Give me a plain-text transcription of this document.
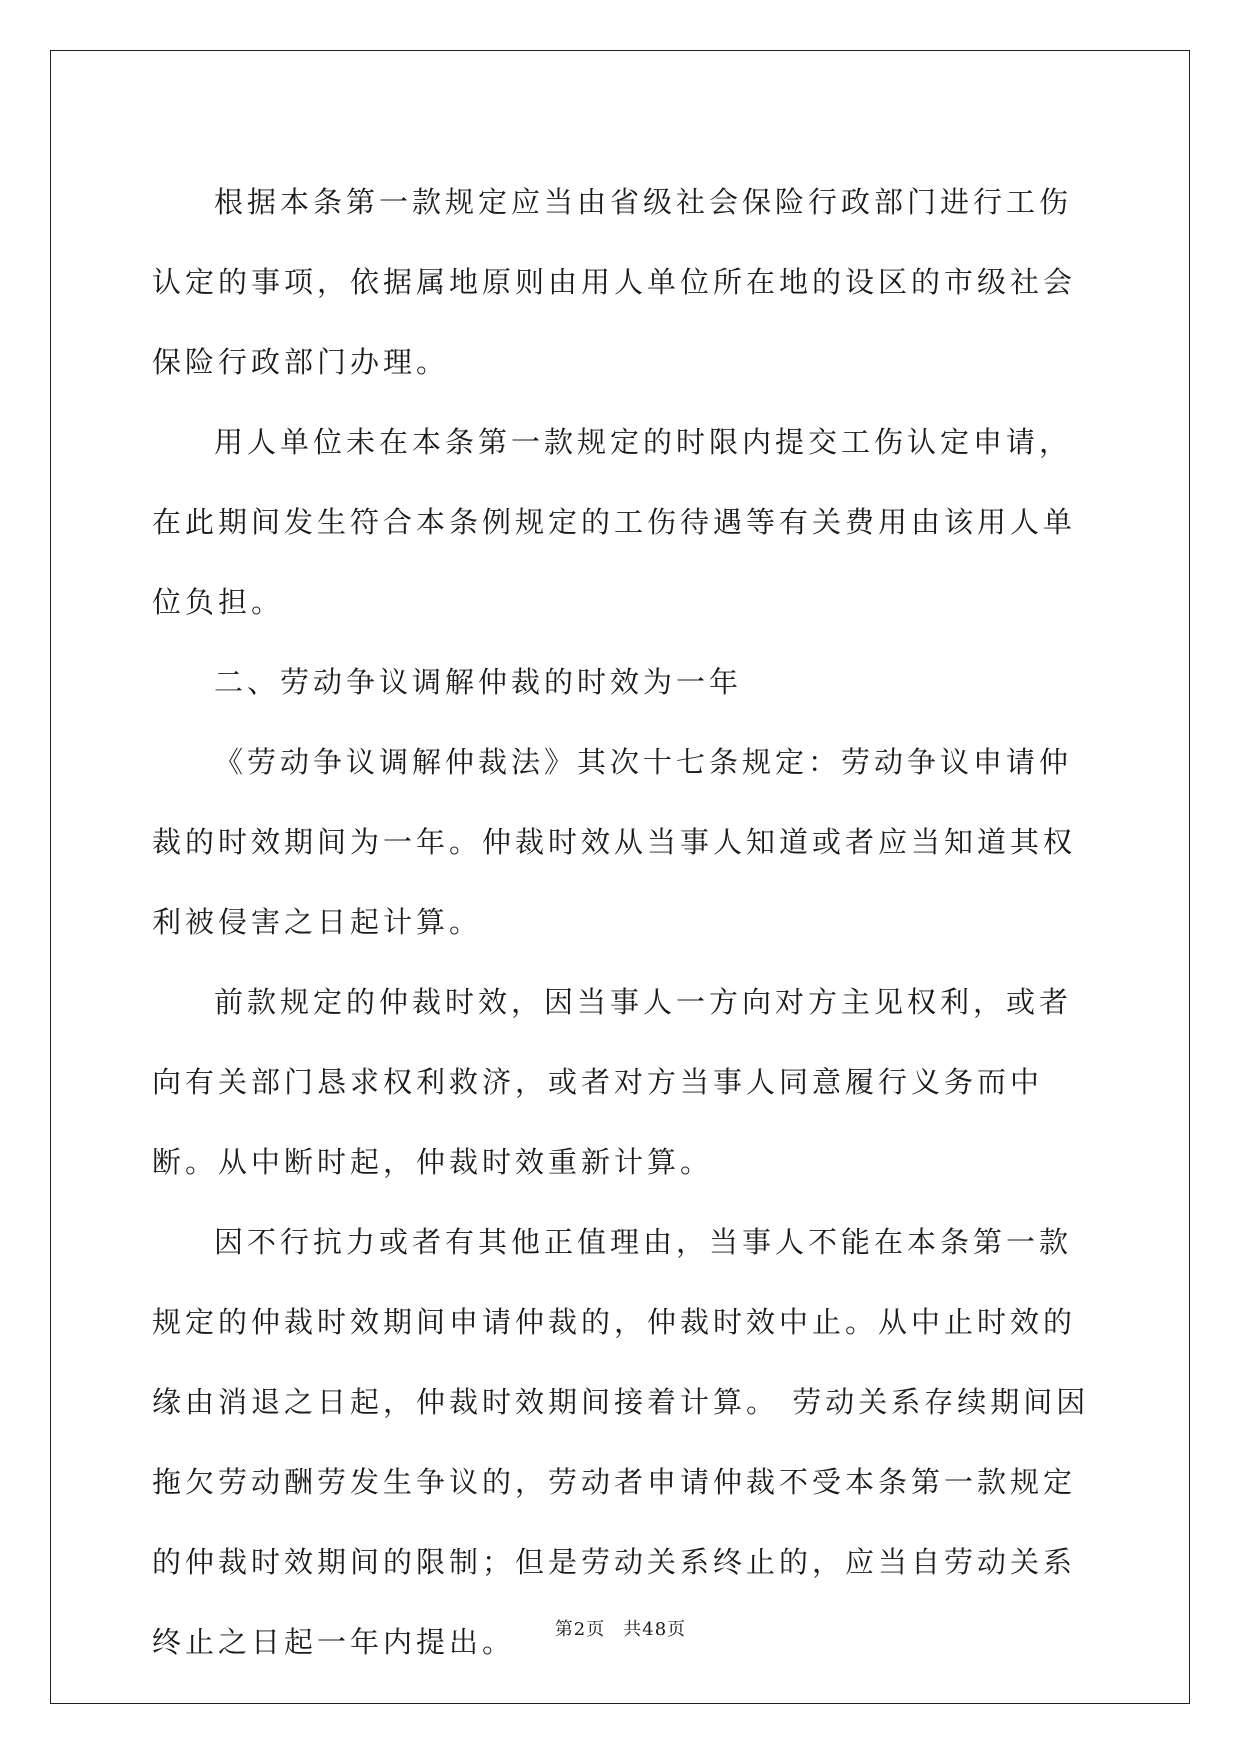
根据本条第一款规定应当由省级社会保险行政部门进行工伤认定的事项，依据属地原则由用人单位所在地的设区的市级社会保险行政部门办理。

用人单位未在本条第一款规定的时限内提交工伤认定申请，在此期间发生符合本条例规定的工伤待遇等有关费用由该用人单位负担。

二、劳动争议调解仲裁的时效为一年

《劳动争议调解仲裁法》其次十七条规定：劳动争议申请仲裁的时效期间为一年。仲裁时效从当事人知道或者应当知道其权利被侵害之日起计算。

前款规定的仲裁时效，因当事人一方向对方主见权利，或者向有关部门恳求权利救济，或者对方当事人同意履行义务而中断。从中断时起，仲裁时效重新计算。

因不行抗力或者有其他正值理由，当事人不能在本条第一款规定的仲裁时效期间申请仲裁的，仲裁时效中止。从中止时效的缘由消退之日起，仲裁时效期间接着计算。 劳动关系存续期间因拖欠劳动酬劳发生争议的，劳动者申请仲裁不受本条第一款规定的仲裁时效期间的限制；但是劳动关系终止的，应当自劳动关系终止之日起一年内提出。	第2页 共48页
